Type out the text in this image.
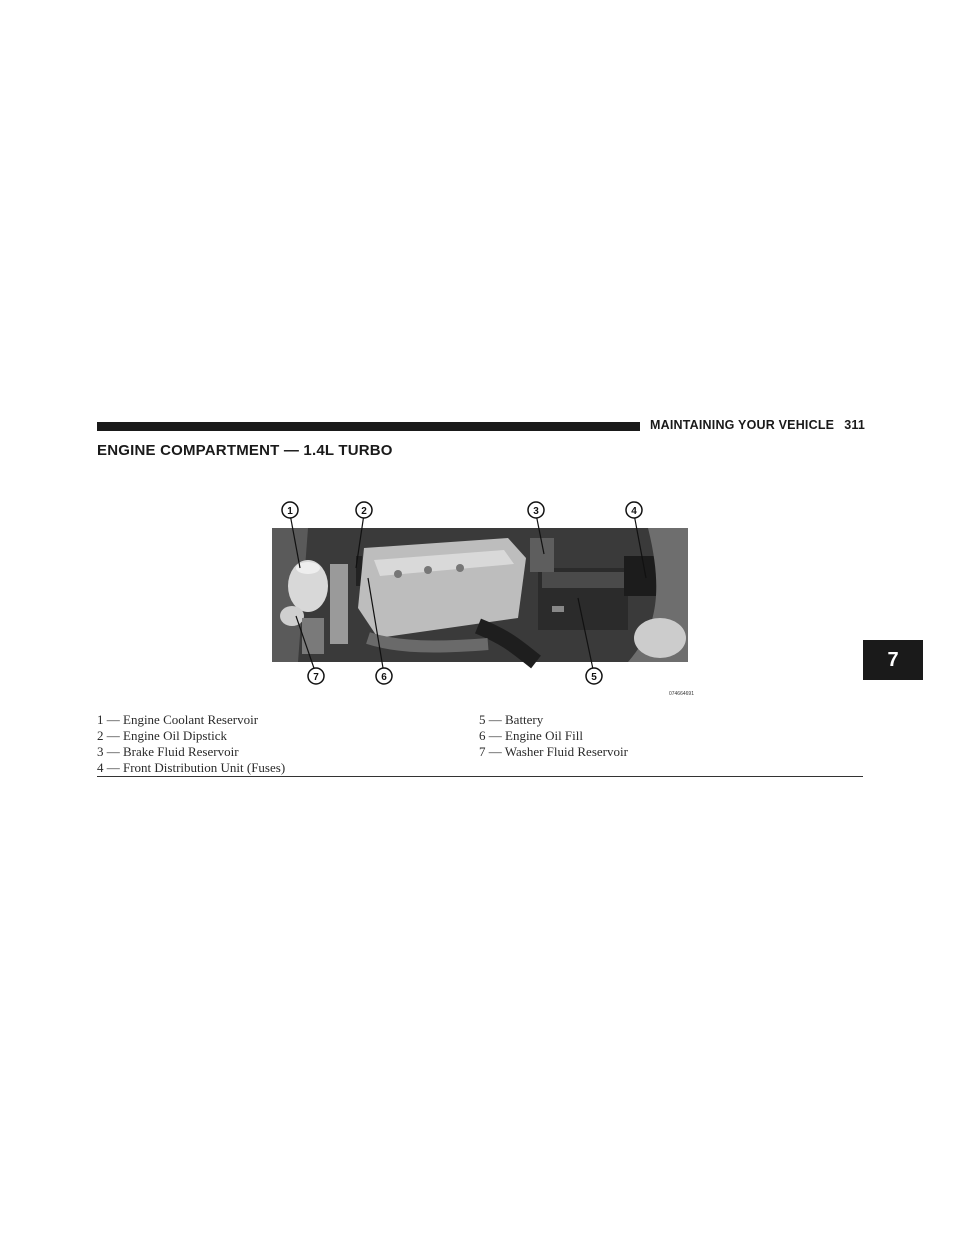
MAINTAINING YOUR VEHICLE 311
ENGINE COMPARTMENT — 1.4L TURBO
7
1	2	3	4
5
6
7
074664691
1 — Engine Coolant Reservoir
2 — Engine Oil Dipstick
3 — Brake Fluid Reservoir
4 — Front Distribution Unit (Fuses)
5 — Battery
6 — Engine Oil Fill
7 — Washer Fluid Reservoir
